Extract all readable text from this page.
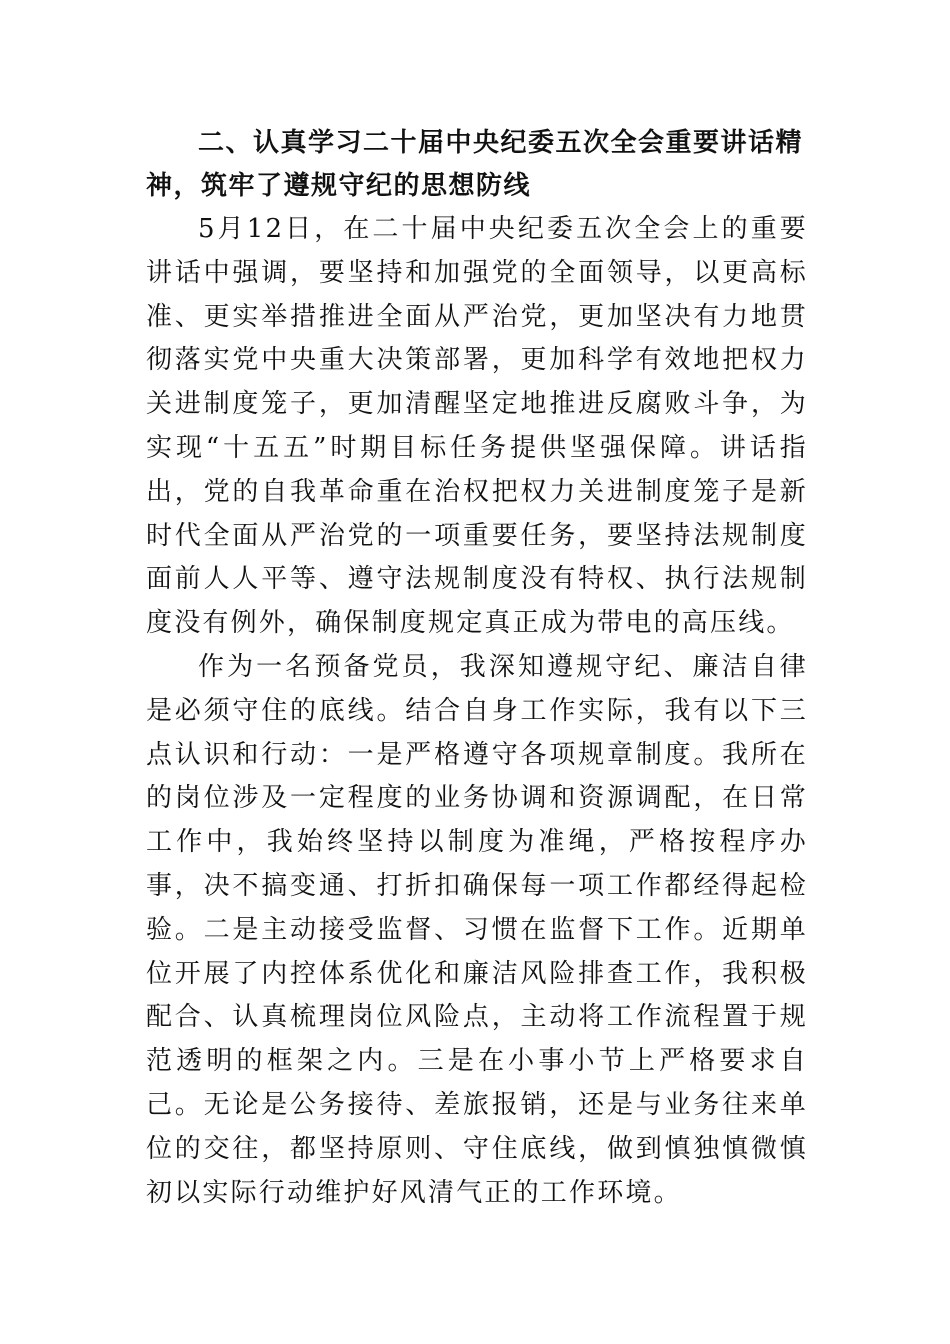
二、认真学习二十届中央纪委五次全会重要讲话精神，筑牢了遵规守纪的思想防线

5月12日，在二十届中央纪委五次全会上的重要讲话中强调，要坚持和加强党的全面领导，以更高标准、更实举措推进全面从严治党，更加坚决有力地贯彻落实党中央重大决策部署，更加科学有效地把权力关进制度笼子，更加清醒坚定地推进反腐败斗争，为实现“十五五”时期目标任务提供坚强保障。讲话指出，党的自我革命重在治权把权力关进制度笼子是新时代全面从严治党的一项重要任务，要坚持法规制度面前人人平等、遵守法规制度没有特权、执行法规制度没有例外，确保制度规定真正成为带电的高压线。

作为一名预备党员，我深知遵规守纪、廉洁自律是必须守住的底线。结合自身工作实际，我有以下三点认识和行动：一是严格遵守各项规章制度。我所在的岗位涉及一定程度的业务协调和资源调配，在日常工作中，我始终坚持以制度为准绳，严格按程序办事，决不搞变通、打折扣确保每一项工作都经得起检验。二是主动接受监督、习惯在监督下工作。近期单位开展了内控体系优化和廉洁风险排查工作，我积极配合、认真梳理岗位风险点，主动将工作流程置于规范透明的框架之内。三是在小事小节上严格要求自己。无论是公务接待、差旅报销，还是与业务往来单位的交往，都坚持原则、守住底线，做到慎独慎微慎初以实际行动维护好风清气正的工作环境。
